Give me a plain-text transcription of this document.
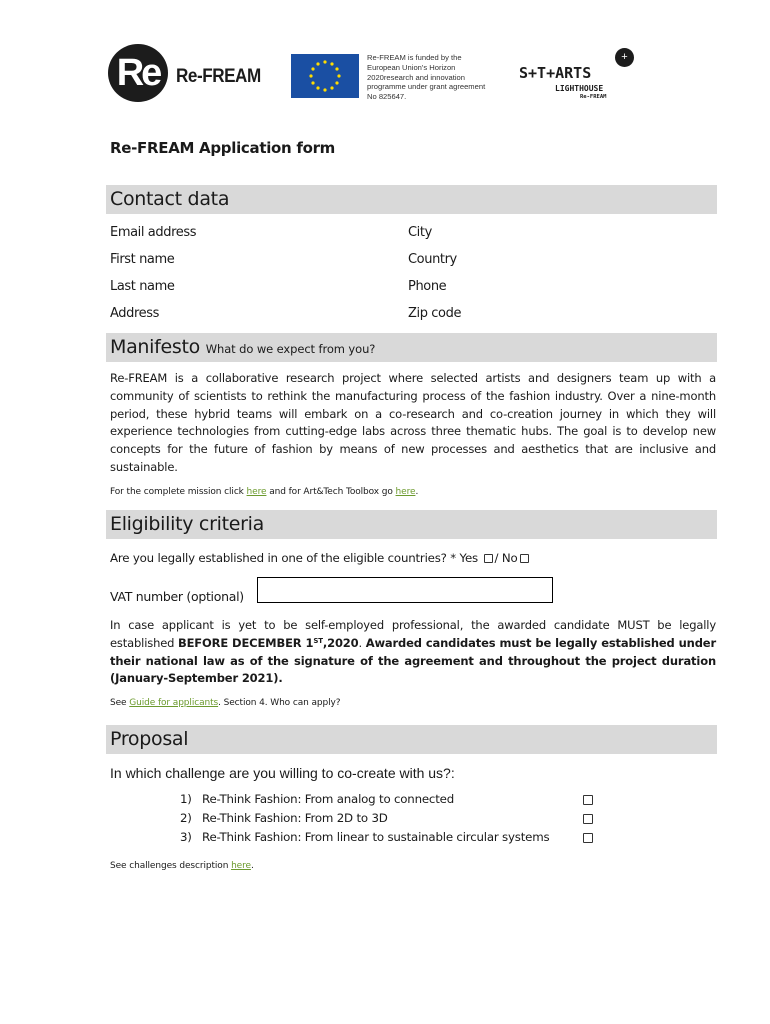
Re Re-FREAM
Re-FREAM is funded by the European Union's Horizon 2020research and innovation programme under grant agreement No 825647.
+
S+T+ARTS
LIGHTHOUSE
Re-FREAM
Re-FREAM Application form
Contact data
Email address
First name
Last name
Address
City
Country
Phone
Zip code
Manifesto What do we expect from you?
Re-FREAM is a collaborative research project where selected artists and designers team up with a community of scientists to rethink the manufacturing process of the fashion industry. Over a nine-month period, these hybrid teams will embark on a co-research and co-creation journey in which they will experience technologies from cutting-edge labs across three thematic hubs. The goal is to develop new concepts for the future of fashion by means of new processes and aesthetics that are inclusive and sustainable.
For the complete mission click here and for Art&Tech Toolbox go here.
Eligibility criteria
Are you legally established in one of the eligible countries? * Yes / No
VAT number (optional)
In case applicant is yet to be self-employed professional, the awarded candidate MUST be legally established BEFORE DECEMBER 1ST,2020. Awarded candidates must be legally established under their national law as of the signature of the agreement and throughout the project duration (January-September 2021).
See Guide for applicants. Section 4. Who can apply?
Proposal
In which challenge are you willing to co-create with us?:
1) Re-Think Fashion: From analog to connected
2) Re-Think Fashion: From 2D to 3D
3) Re-Think Fashion: From linear to sustainable circular systems
See challenges description here.
